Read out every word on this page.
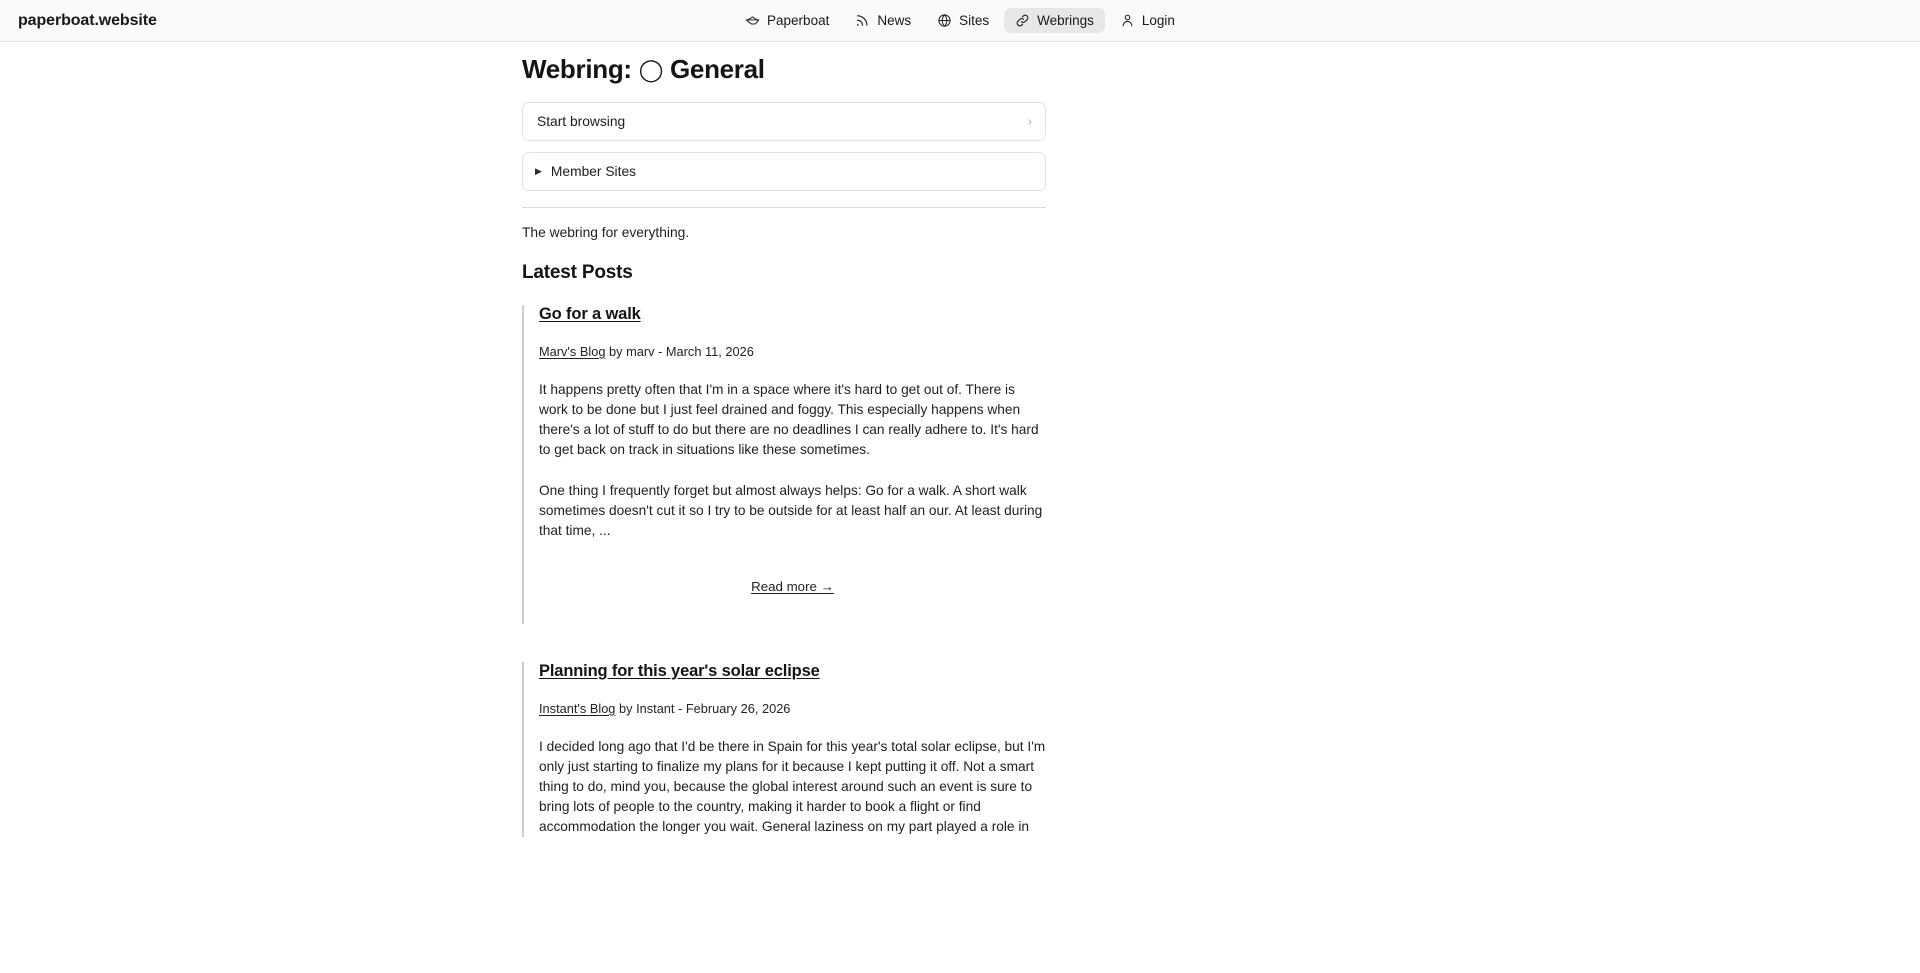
paperboat.website	Paperboat	News	Sites	Webrings	Login
Webring: ◯ General
Start browsing	›
▶ Member Sites

The webring for everything.

Latest Posts
Go for a walk
Marv's Blog by marv - March 11, 2026

It happens pretty often that I'm in a space where it's hard to get out of. There is work to be done but I just feel drained and foggy. This especially happens when there's a lot of stuff to do but there are no deadlines I can really adhere to. It's hard to get back on track in situations like these sometimes.

One thing I frequently forget but almost always helps: Go for a walk. A short walk sometimes doesn't cut it so I try to be outside for at least half an our. At least during that time, ...

Read more →
Planning for this year's solar eclipse
Instant's Blog by Instant - February 26, 2026

I decided long ago that I'd be there in Spain for this year's total solar eclipse, but I'm only just starting to finalize my plans for it because I kept putting it off. Not a smart thing to do, mind you, because the global interest around such an event is sure to bring lots of people to the country, making it harder to book a flight or find accommodation the longer you wait. General laziness on my part played a role in
